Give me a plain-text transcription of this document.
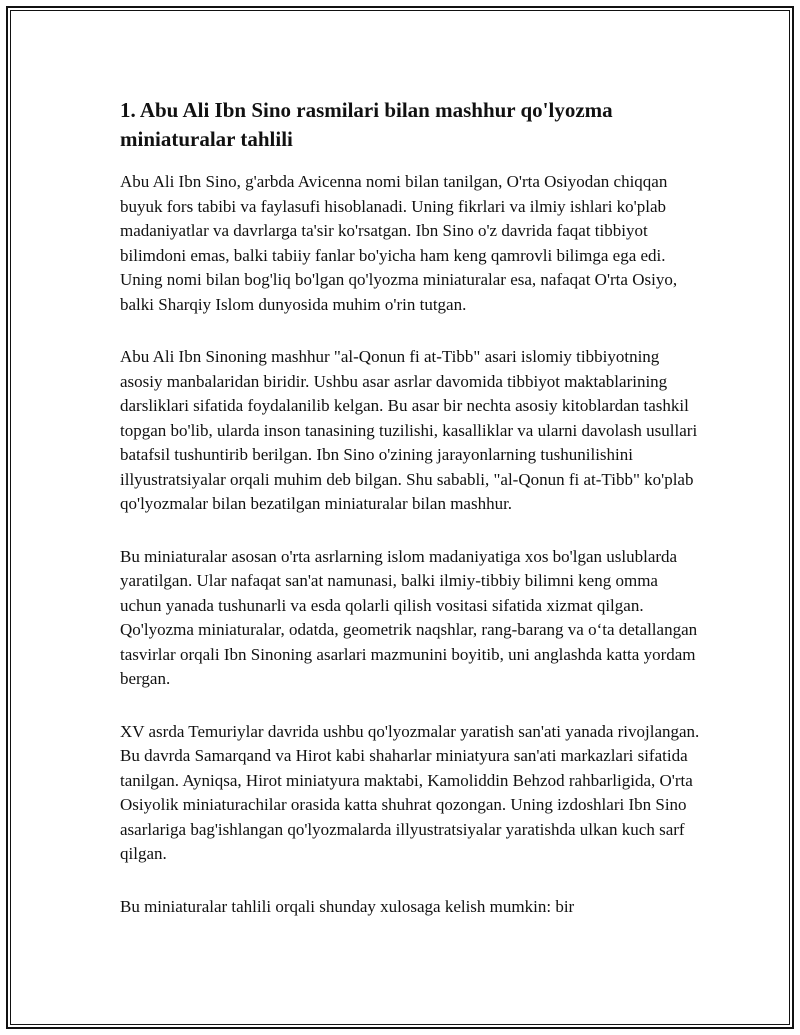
1. Abu Ali Ibn Sino rasmilari bilan mashhur qo'lyozma miniaturalar tahlili

Abu Ali Ibn Sino, g'arbda Avicenna nomi bilan tanilgan, O'rta Osiyodan chiqqan buyuk fors tabibi va faylasufi hisoblanadi. Uning fikrlari va ilmiy ishlari ko'plab madaniyatlar va davrlarga ta'sir ko'rsatgan. Ibn Sino o'z davrida faqat tibbiyot bilimdoni emas, balki tabiiy fanlar bo'yicha ham keng qamrovli bilimga ega edi. Uning nomi bilan bog'liq bo'lgan qo'lyozma miniaturalar esa, nafaqat O'rta Osiyo, balki Sharqiy Islom dunyosida muhim o'rin tutgan.

Abu Ali Ibn Sinoning mashhur "al-Qonun fi at-Tibb" asari islomiy tibbiyotning asosiy manbalaridan biridir. Ushbu asar asrlar davomida tibbiyot maktablarining darsliklari sifatida foydalanilib kelgan. Bu asar bir nechta asosiy kitoblardan tashkil topgan bo'lib, ularda inson tanasining tuzilishi, kasalliklar va ularni davolash usullari batafsil tushuntirib berilgan. Ibn Sino o'zining jarayonlarning tushunilishini illyustratsiyalar orqali muhim deb bilgan. Shu sababli, "al-Qonun fi at-Tibb" ko'plab qo'lyozmalar bilan bezatilgan miniaturalar bilan mashhur.

Bu miniaturalar asosan o'rta asrlarning islom madaniyatiga xos bo'lgan uslublarda yaratilgan. Ular nafaqat san'at namunasi, balki ilmiy-tibbiy bilimni keng omma uchun yanada tushunarli va esda qolarli qilish vositasi sifatida xizmat qilgan. Qo'lyozma miniaturalar, odatda, geometrik naqshlar, rang-barang va o‘ta detallangan tasvirlar orqali Ibn Sinoning asarlari mazmunini boyitib, uni anglashda katta yordam bergan.

XV asrda Temuriylar davrida ushbu qo'lyozmalar yaratish san'ati yanada rivojlangan. Bu davrda Samarqand va Hirot kabi shaharlar miniatyura san'ati markazlari sifatida tanilgan. Ayniqsa, Hirot miniatyura maktabi, Kamoliddin Behzod rahbarligida, O'rta Osiyolik miniaturachilar orasida katta shuhrat qozongan. Uning izdoshlari Ibn Sino asarlariga bag'ishlangan qo'lyozmalarda illyustratsiyalar yaratishda ulkan kuch sarf qilgan.

Bu miniaturalar tahlili orqali shunday xulosaga kelish mumkin: bir
